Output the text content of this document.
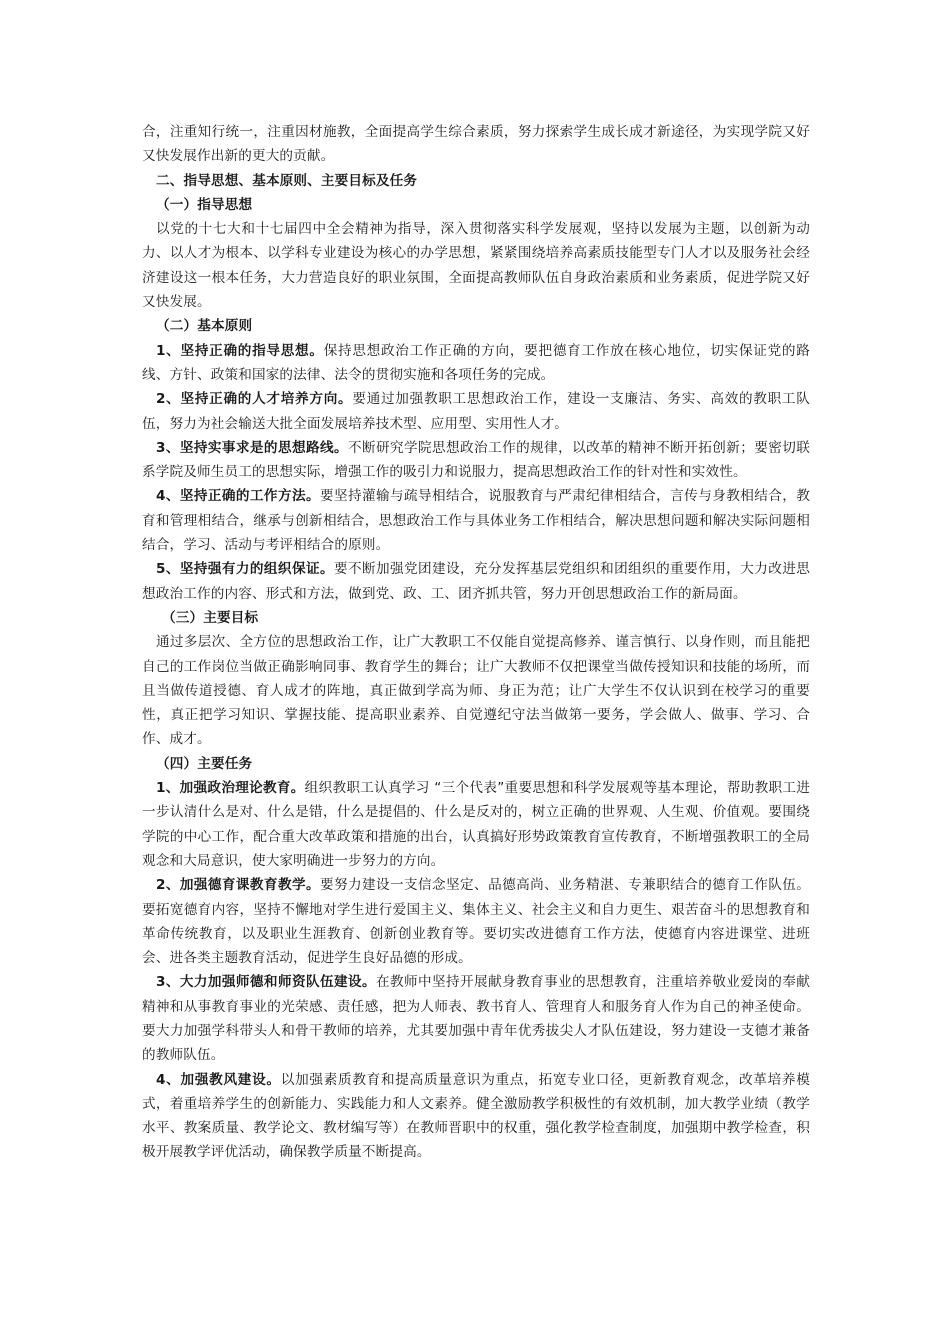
合，注重知行统一，注重因材施教，全面提高学生综合素质，努力探索学生成长成才新途径，为实现学院又好又快发展作出新的更大的贡献。

二、指导思想、基本原则、主要目标及任务

（一）指导思想

以党的十七大和十七届四中全会精神为指导，深入贯彻落实科学发展观，坚持以发展为主题，以创新为动力、以人才为根本、以学科专业建设为核心的办学思想，紧紧围绕培养高素质技能型专门人才以及服务社会经济建设这一根本任务，大力营造良好的职业氛围，全面提高教师队伍自身政治素质和业务素质，促进学院又好又快发展。

（二）基本原则

1、坚持正确的指导思想。保持思想政治工作正确的方向，要把德育工作放在核心地位，切实保证党的路线、方针、政策和国家的法律、法令的贯彻实施和各项任务的完成。

2、坚持正确的人才培养方向。要通过加强教职工思想政治工作，建设一支廉洁、务实、高效的教职工队伍，努力为社会输送大批全面发展培养技术型、应用型、实用性人才。

3、坚持实事求是的思想路线。不断研究学院思想政治工作的规律，以改革的精神不断开拓创新；要密切联系学院及师生员工的思想实际，增强工作的吸引力和说服力，提高思想政治工作的针对性和实效性。

4、坚持正确的工作方法。要坚持灌输与疏导相结合，说服教育与严肃纪律相结合，言传与身教相结合，教育和管理相结合，继承与创新相结合，思想政治工作与具体业务工作相结合，解决思想问题和解决实际问题相结合，学习、活动与考评相结合的原则。

5、坚持强有力的组织保证。要不断加强党团建设，充分发挥基层党组织和团组织的重要作用，大力改进思想政治工作的内容、形式和方法，做到党、政、工、团齐抓共管，努力开创思想政治工作的新局面。

（三）主要目标

通过多层次、全方位的思想政治工作，让广大教职工不仅能自觉提高修养、谨言慎行、以身作则，而且能把自己的工作岗位当做正确影响同事、教育学生的舞台；让广大教师不仅把课堂当做传授知识和技能的场所，而且当做传道授德、育人成才的阵地，真正做到学高为师、身正为范；让广大学生不仅认识到在校学习的重要性，真正把学习知识、掌握技能、提高职业素养、自觉遵纪守法当做第一要务，学会做人、做事、学习、合作、成才。

（四）主要任务

1、加强政治理论教育。组织教职工认真学习 “三个代表”重要思想和科学发展观等基本理论，帮助教职工进一步认清什么是对、什么是错，什么是提倡的、什么是反对的，树立正确的世界观、人生观、价值观。要围绕学院的中心工作，配合重大改革政策和措施的出台，认真搞好形势政策教育宣传教育，不断增强教职工的全局观念和大局意识，使大家明确进一步努力的方向。

2、加强德育课教育教学。要努力建设一支信念坚定、品德高尚、业务精湛、专兼职结合的德育工作队伍。要拓宽德育内容，坚持不懈地对学生进行爱国主义、集体主义、社会主义和自力更生、艰苦奋斗的思想教育和革命传统教育，以及职业生涯教育、创新创业教育等。要切实改进德育工作方法，使德育内容进课堂、进班会、进各类主题教育活动，促进学生良好品德的形成。

3、大力加强师德和师资队伍建设。在教师中坚持开展献身教育事业的思想教育，注重培养敬业爱岗的奉献精神和从事教育事业的光荣感、责任感，把为人师表、教书育人、管理育人和服务育人作为自己的神圣使命。要大力加强学科带头人和骨干教师的培养，尤其要加强中青年优秀拔尖人才队伍建设，努力建设一支德才兼备的教师队伍。

4、加强教风建设。以加强素质教育和提高质量意识为重点，拓宽专业口径，更新教育观念，改革培养模式，着重培养学生的创新能力、实践能力和人文素养。健全激励教学积极性的有效机制，加大教学业绩（教学水平、教案质量、教学论文、教材编写等）在教师晋职中的权重，强化教学检查制度，加强期中教学检查，积极开展教学评优活动，确保教学质量不断提高。
